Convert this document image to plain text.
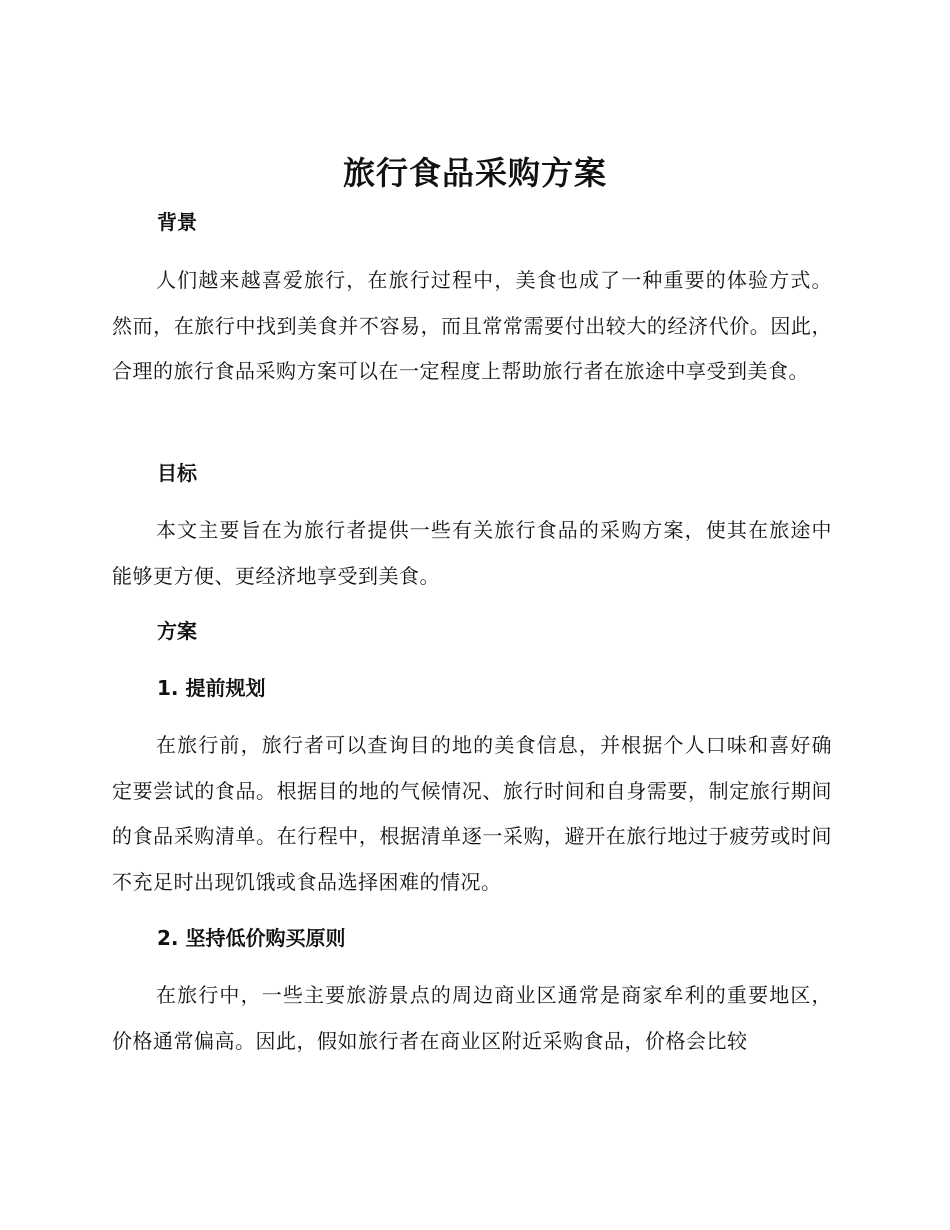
旅行食品采购方案
背景
人们越来越喜爱旅行，在旅行过程中，美食也成了一种重要的体验方式。然而，在旅行中找到美食并不容易，而且常常需要付出较大的经济代价。因此，合理的旅行食品采购方案可以在一定程度上帮助旅行者在旅途中享受到美食。
目标
本文主要旨在为旅行者提供一些有关旅行食品的采购方案，使其在旅途中能够更方便、更经济地享受到美食。
方案
1. 提前规划
在旅行前，旅行者可以查询目的地的美食信息，并根据个人口味和喜好确定要尝试的食品。根据目的地的气候情况、旅行时间和自身需要，制定旅行期间的食品采购清单。在行程中，根据清单逐一采购，避开在旅行地过于疲劳或时间不充足时出现饥饿或食品选择困难的情况。
2. 坚持低价购买原则
在旅行中，一些主要旅游景点的周边商业区通常是商家牟利的重要地区，价格通常偏高。因此，假如旅行者在商业区附近采购食品，价格会比较
